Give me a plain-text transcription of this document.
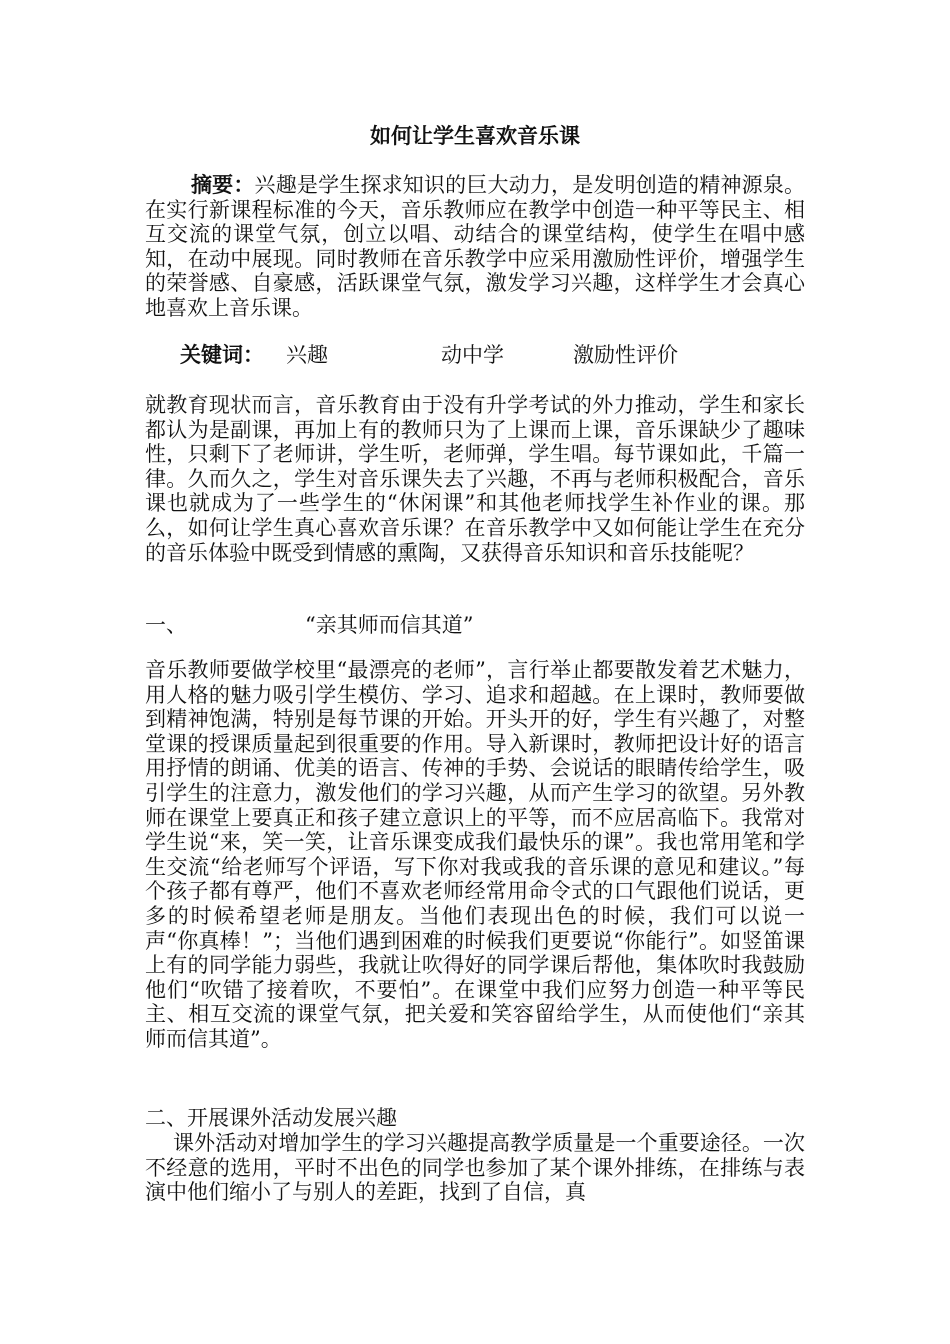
如何让学生喜欢音乐课
摘要：兴趣是学生探求知识的巨大动力，是发明创造的精神源泉。在实行新课程标准的今天，音乐教师应在教学中创造一种平等民主、相互交流的课堂气氛，创立以唱、动结合的课堂结构，使学生在唱中感知，在动中展现。同时教师在音乐教学中应采用激励性评价，增强学生的荣誉感、自豪感，活跃课堂气氛，激发学习兴趣，这样学生才会真心地喜欢上音乐课。
关键词： 兴趣	动中学	激励性评价
就教育现状而言，音乐教育由于没有升学考试的外力推动，学生和家长都认为是副课，再加上有的教师只为了上课而上课，音乐课缺少了趣味性，只剩下了老师讲，学生听，老师弹，学生唱。每节课如此，千篇一律。久而久之，学生对音乐课失去了兴趣，不再与老师积极配合，音乐课也就成为了一些学生的“休闲课”和其他老师找学生补作业的课。那么，如何让学生真心喜欢音乐课？在音乐教学中又如何能让学生在充分的音乐体验中既受到情感的熏陶，又获得音乐知识和音乐技能呢？
一、	“亲其师而信其道”
音乐教师要做学校里“最漂亮的老师”，言行举止都要散发着艺术魅力，用人格的魅力吸引学生模仿、学习、追求和超越。在上课时，教师要做到精神饱满，特别是每节课的开始。开头开的好，学生有兴趣了，对整堂课的授课质量起到很重要的作用。导入新课时，教师把设计好的语言用抒情的朗诵、优美的语言、传神的手势、会说话的眼睛传给学生，吸引学生的注意力，激发他们的学习兴趣，从而产生学习的欲望。另外教师在课堂上要真正和孩子建立意识上的平等，而不应居高临下。我常对学生说“来，笑一笑，让音乐课变成我们最快乐的课”。我也常用笔和学生交流“给老师写个评语，写下你对我或我的音乐课的意见和建议。”每个孩子都有尊严，他们不喜欢老师经常用命令式的口气跟他们说话，更多的时候希望老师是朋友。当他们表现出色的时候，我们可以说一声“你真棒！”；当他们遇到困难的时候我们更要说“你能行”。如竖笛课上有的同学能力弱些，我就让吹得好的同学课后帮他，集体吹时我鼓励他们“吹错了接着吹，不要怕”。在课堂中我们应努力创造一种平等民主、相互交流的课堂气氛，把关爱和笑容留给学生，从而使他们“亲其师而信其道”。
二、开展课外活动发展兴趣
课外活动对增加学生的学习兴趣提高教学质量是一个重要途径。一次不经意的选用，平时不出色的同学也参加了某个课外排练，在排练与表演中他们缩小了与别人的差距，找到了自信，真
